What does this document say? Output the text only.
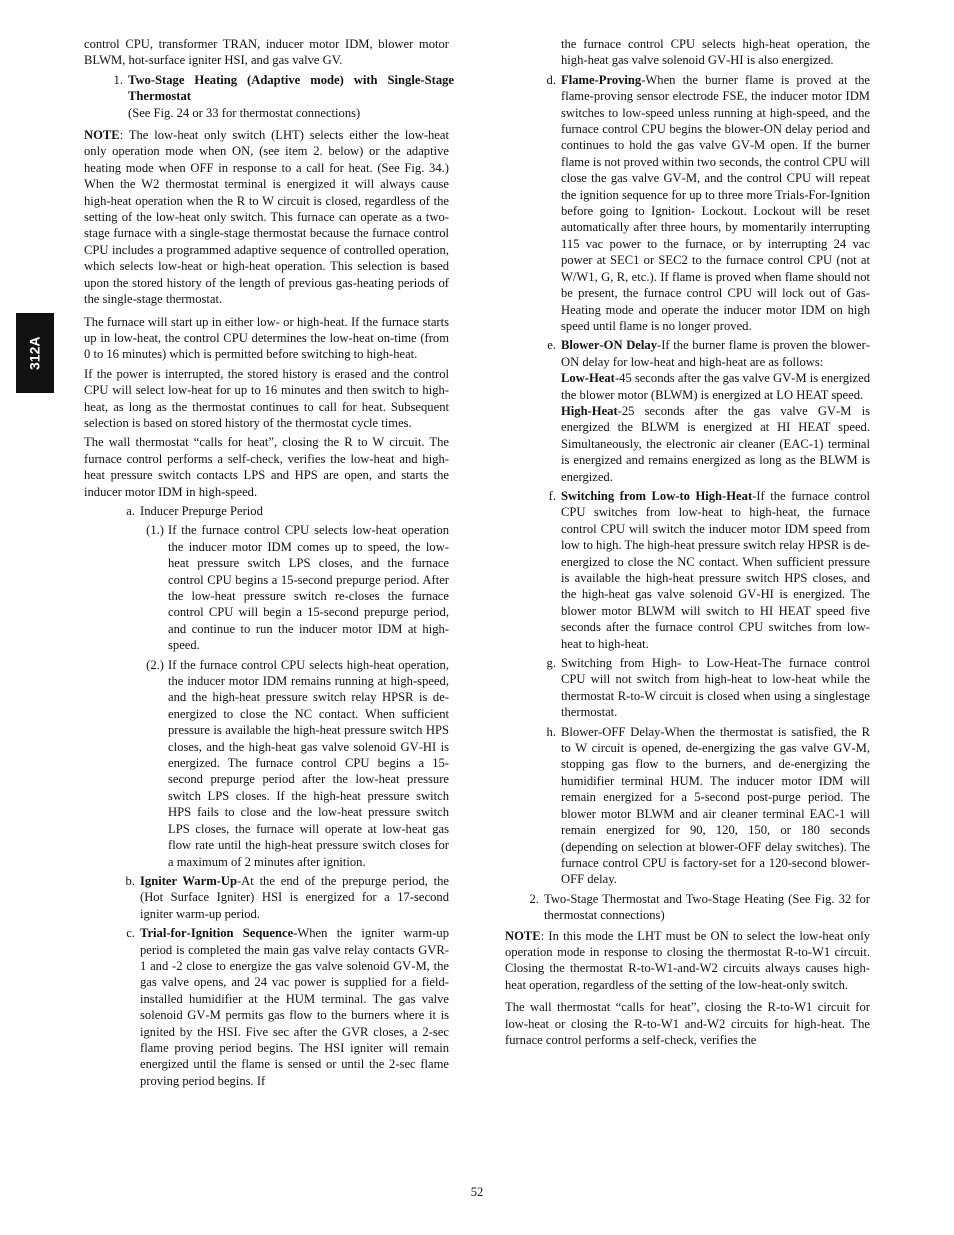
312A

control CPU, transformer TRAN, inducer motor IDM, blower motor BLWM, hot‐surface igniter HSI, and gas valve GV.

1. Two‐Stage Heating (Adaptive mode) with Single‐Stage Thermostat

(See Fig. 24 or 33 for thermostat connections)

NOTE: The low‐heat only switch (LHT) selects either the low‐heat only operation mode when ON, (see item 2. below) or the adaptive heating mode when OFF in response to a call for heat. (See Fig. 34.) When the W2 thermostat terminal is energized it will always cause high‐heat operation when the R to W circuit is closed, regardless of the setting of the low‐heat only switch. This furnace can operate as a two‐stage furnace with a single‐stage thermostat because the furnace control CPU includes a programmed adaptive sequence of controlled operation, which selects low‐heat or high‐heat operation. This selection is based upon the stored history of the length of previous gas‐heating periods of the single‐stage thermostat.

The furnace will start up in either low‐ or high‐heat. If the furnace starts up in low‐heat, the control CPU determines the low‐heat on‐time (from 0 to 16 minutes) which is permitted before switching to high‐heat.

If the power is interrupted, the stored history is erased and the control CPU will select low‐heat for up to 16 minutes and then switch to high‐heat, as long as the thermostat continues to call for heat. Subsequent selection is based on stored history of the thermostat cycle times.

The wall thermostat “calls for heat”, closing the R to W circuit. The furnace control performs a self‐check, verifies the low‐heat and high‐heat pressure switch contacts LPS and HPS are open, and starts the inducer motor IDM in high‐speed.

a. Inducer Prepurge Period
(1.) If the furnace control CPU selects low‐heat operation the inducer motor IDM comes up to speed, the low‐heat pressure switch LPS closes, and the furnace control CPU begins a 15‐second prepurge period. After the low‐heat pressure switch re‐closes the furnace control CPU will begin a 15‐second prepurge period, and continue to run the inducer motor IDM at high‐speed.
(2.) If the furnace control CPU selects high‐heat operation, the inducer motor IDM remains running at high‐speed, and the high‐heat pressure switch relay HPSR is de‐energized to close the NC contact. When sufficient pressure is available the high‐heat pressure switch HPS closes, and the high‐heat gas valve solenoid GV‐HI is energized. The furnace control CPU begins a 15‐second prepurge period after the low‐heat pressure switch LPS closes. If the high‐heat pressure switch HPS fails to close and the low‐heat pressure switch LPS closes, the furnace will operate at low‐heat gas flow rate until the high‐heat pressure switch closes for a maximum of 2 minutes after ignition.
b. Igniter Warm‐Up‐At the end of the prepurge period, the (Hot Surface Igniter) HSI is energized for a 17‐second igniter warm‐up period.
c. Trial‐for‐Ignition Sequence‐When the igniter warm‐up period is completed the main gas valve relay contacts GVR‐1 and ‐2 close to energize the gas valve solenoid GV‐M, the gas valve opens, and 24 vac power is supplied for a field‐installed humidifier at the HUM terminal. The gas valve solenoid GV‐M permits gas flow to the burners where it is ignited by the HSI. Five sec after the GVR closes, a 2‐sec flame proving period begins. The HSI igniter will remain energized until the flame is sensed or until the 2‐sec flame proving period begins. If
the furnace control CPU selects high‐heat operation, the high‐heat gas valve solenoid GV‐HI is also energized.
d. Flame‐Proving‐When the burner flame is proved at the flame‐proving sensor electrode FSE, the inducer motor IDM switches to low‐speed unless running at high‐speed, and the furnace control CPU begins the blower‐ON delay period and continues to hold the gas valve GV‐M open. If the burner flame is not proved within two seconds, the control CPU will close the gas valve GV‐M, and the control CPU will repeat the ignition sequence for up to three more Trials‐For‐Ignition before going to Ignition‐ Lockout. Lockout will be reset automatically after three hours, by momentarily interrupting 115 vac power to the furnace, or by interrupting 24 vac power at SEC1 or SEC2 to the furnace control CPU (not at W/W1, G, R, etc.). If flame is proved when flame should not be present, the furnace control CPU will lock out of Gas‐Heating mode and operate the inducer motor IDM on high speed until flame is no longer proved.
e. Blower‐ON Delay‐If the burner flame is proven the blower‐ON delay for low‐heat and high‐heat are as follows:

Low‐Heat‐45 seconds after the gas valve GV‐M is energized the blower motor (BLWM) is energized at LO HEAT speed.

High‐Heat‐25 seconds after the gas valve GV‐M is energized the BLWM is energized at HI HEAT speed. Simultaneously, the electronic air cleaner (EAC‐1) terminal is energized and remains energized as long as the BLWM is energized.

f. Switching from Low‐to High‐Heat‐If the furnace control CPU switches from low‐heat to high‐heat, the furnace control CPU will switch the inducer motor IDM speed from low to high. The high‐heat pressure switch relay HPSR is de‐energized to close the NC contact. When sufficient pressure is available the high‐heat pressure switch HPS closes, and the high‐heat gas valve solenoid GV‐HI is energized. The blower motor BLWM will switch to HI HEAT speed five seconds after the furnace control CPU switches from low‐heat to high‐heat.
g. Switching from High‐ to Low‐Heat‐The furnace control CPU will not switch from high‐heat to low‐heat while the thermostat R‐to‐W circuit is closed when using a singlestage thermostat.
h. Blower‐OFF Delay‐When the thermostat is satisfied, the R to W circuit is opened, de‐energizing the gas valve GV‐M, stopping gas flow to the burners, and de‐energizing the humidifier terminal HUM. The inducer motor IDM will remain energized for a 5‐second post‐purge period. The blower motor BLWM and air cleaner terminal EAC‐1 will remain energized for 90, 120, 150, or 180 seconds (depending on selection at blower‐OFF delay switches). The furnace control CPU is factory‐set for a 120‐second blower‐OFF delay.
2. Two‐Stage Thermostat and Two‐Stage Heating (See Fig. 32 for thermostat connections)

NOTE: In this mode the LHT must be ON to select the low‐heat only operation mode in response to closing the thermostat R‐to‐W1 circuit. Closing the thermostat R‐to‐W1‐and‐W2 circuits always causes high‐heat operation, regardless of the setting of the low‐heat‐only switch.

The wall thermostat “calls for heat”, closing the R‐to‐W1 circuit for low‐heat or closing the R‐to‐W1 and‐W2 circuits for high‐heat. The furnace control performs a self‐check, verifies the

52
